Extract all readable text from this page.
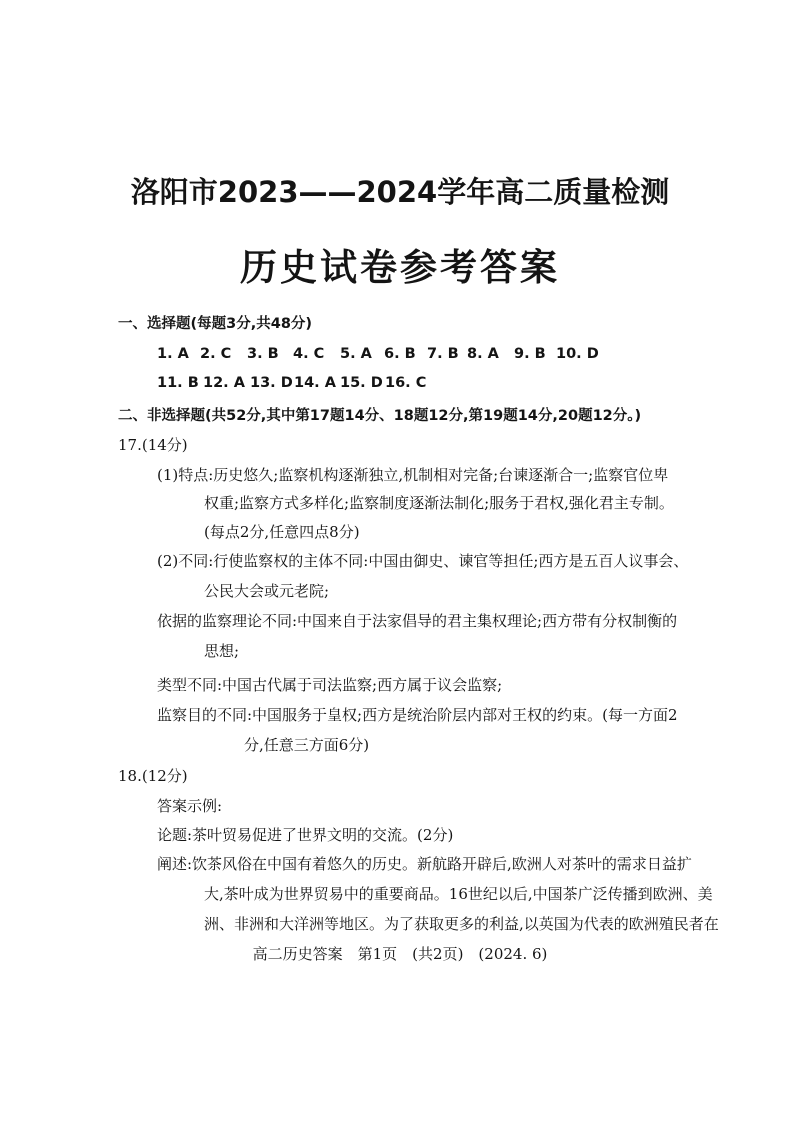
洛阳市2023——2024学年高二质量检测
历史试卷参考答案
一、选择题(每题3分,共48分)
1. A 2. C 3. B 4. C 5. A 6. B 7. B 8. A 9. B 10. D
11. B 12. A 13. D 14. A 15. D 16. C
二、非选择题(共52分,其中第17题14分、18题12分,第19题14分,20题12分。)
17.(14分)
(1)特点:历史悠久;监察机构逐渐独立,机制相对完备;台谏逐渐合一;监察官位卑
权重;监察方式多样化;监察制度逐渐法制化;服务于君权,强化君主专制。
(每点2分,任意四点8分)
(2)不同:行使监察权的主体不同:中国由御史、谏官等担任;西方是五百人议事会、
公民大会或元老院;
依据的监察理论不同:中国来自于法家倡导的君主集权理论;西方带有分权制衡的
思想;
类型不同:中国古代属于司法监察;西方属于议会监察;
监察目的不同:中国服务于皇权;西方是统治阶层内部对王权的约束。(每一方面2
分,任意三方面6分)
18.(12分)
答案示例:
论题:茶叶贸易促进了世界文明的交流。(2分)
阐述:饮茶风俗在中国有着悠久的历史。新航路开辟后,欧洲人对茶叶的需求日益扩
大,茶叶成为世界贸易中的重要商品。16世纪以后,中国茶广泛传播到欧洲、美
洲、非洲和大洋洲等地区。为了获取更多的利益,以英国为代表的欧洲殖民者在
高二历史答案　第1页　(共2页)　(2024. 6)
